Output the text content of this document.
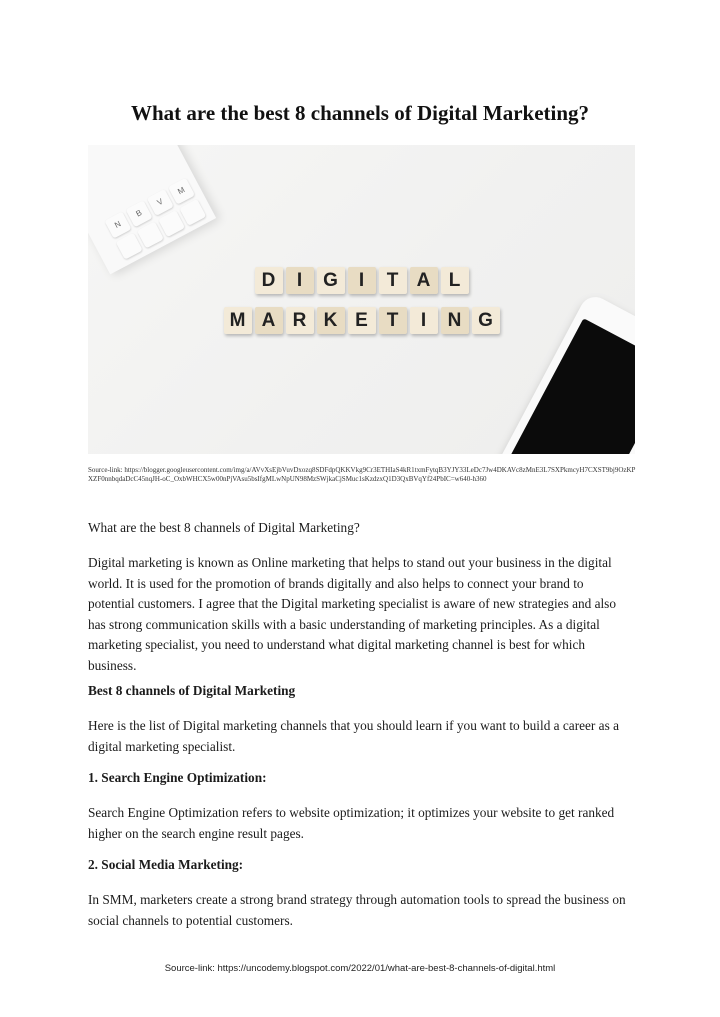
What are the best 8 channels of Digital Marketing?
N
B
V
M
D	I	G	I	T A L
M A R K E T	I	N G
Source-link: https://blogger.googleusercontent.com/img/a/AVvXsEjbVuvDxozq8SDFdpQKKVkg9Cr3ETHIaS4kR1txmFytqB3YJY33LeDc7Jw4DKAVc8zMnE3L7SXPkmcyH7CXST9bj9OzKPXZF0nnbqdaDcC45nqJH-oC_OxbWHCX5w00nPjVAsu5bsIfgMLwNpUN98MzSWjkaCjSMuc1sKzdzxQ1D3QxBVqYf24PbIC=w640-h360
What are the best 8 channels of Digital Marketing?
Digital marketing is known as Online marketing that helps to stand out your business in the digital world. It is used for the promotion of brands digitally and also helps to connect your brand to potential customers. I agree that the Digital marketing specialist is aware of new strategies and also has strong communication skills with a basic understanding of marketing principles. As a digital marketing specialist, you need to understand what digital marketing channel is best for which business.
Best 8 channels of Digital Marketing
Here is the list of Digital marketing channels that you should learn if you want to build a career as a digital marketing specialist.
1. Search Engine Optimization:
Search Engine Optimization refers to website optimization; it optimizes your website to get ranked higher on the search engine result pages.
2. Social Media Marketing:
In SMM, marketers create a strong brand strategy through automation tools to spread the business on social channels to potential customers.
Source-link: https://uncodemy.blogspot.com/2022/01/what-are-best-8-channels-of-digital.html
